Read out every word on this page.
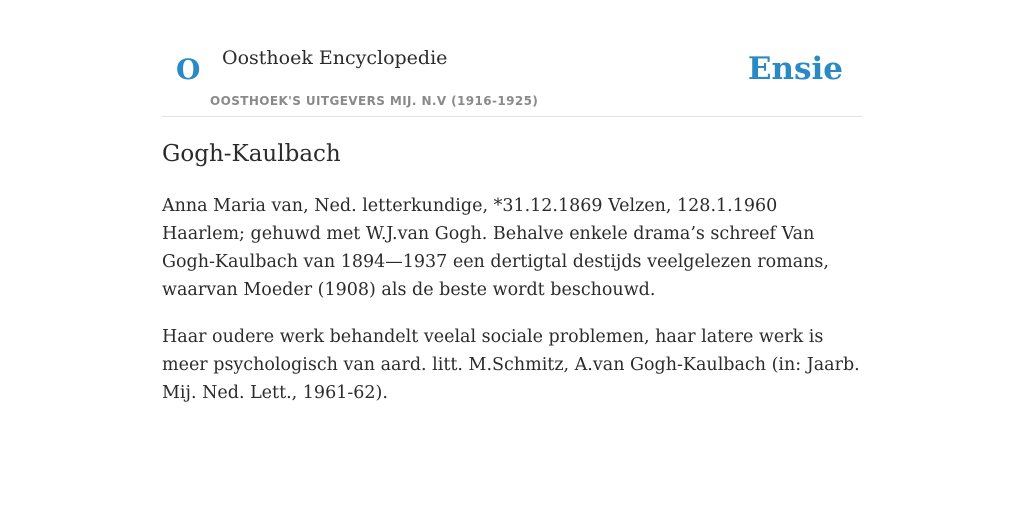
O Oosthoek Encyclopedie
OOSTHOEK'S UITGEVERS MIJ. N.V (1916-1925)
Ensie
Gogh-Kaulbach

Anna Maria van, Ned. letterkundige, *31.12.1869 Velzen, 128.1.1960 Haarlem; gehuwd met W.J.van Gogh. Behalve enkele drama’s schreef Van Gogh-Kaulbach van 1894—1937 een dertigtal destijds veelgelezen romans, waarvan Moeder (1908) als de beste wordt beschouwd.

Haar oudere werk behandelt veelal sociale problemen, haar latere werk is meer psychologisch van aard. litt. M.Schmitz, A.van Gogh-Kaulbach (in: Jaarb. Mij. Ned. Lett., 1961-62).
